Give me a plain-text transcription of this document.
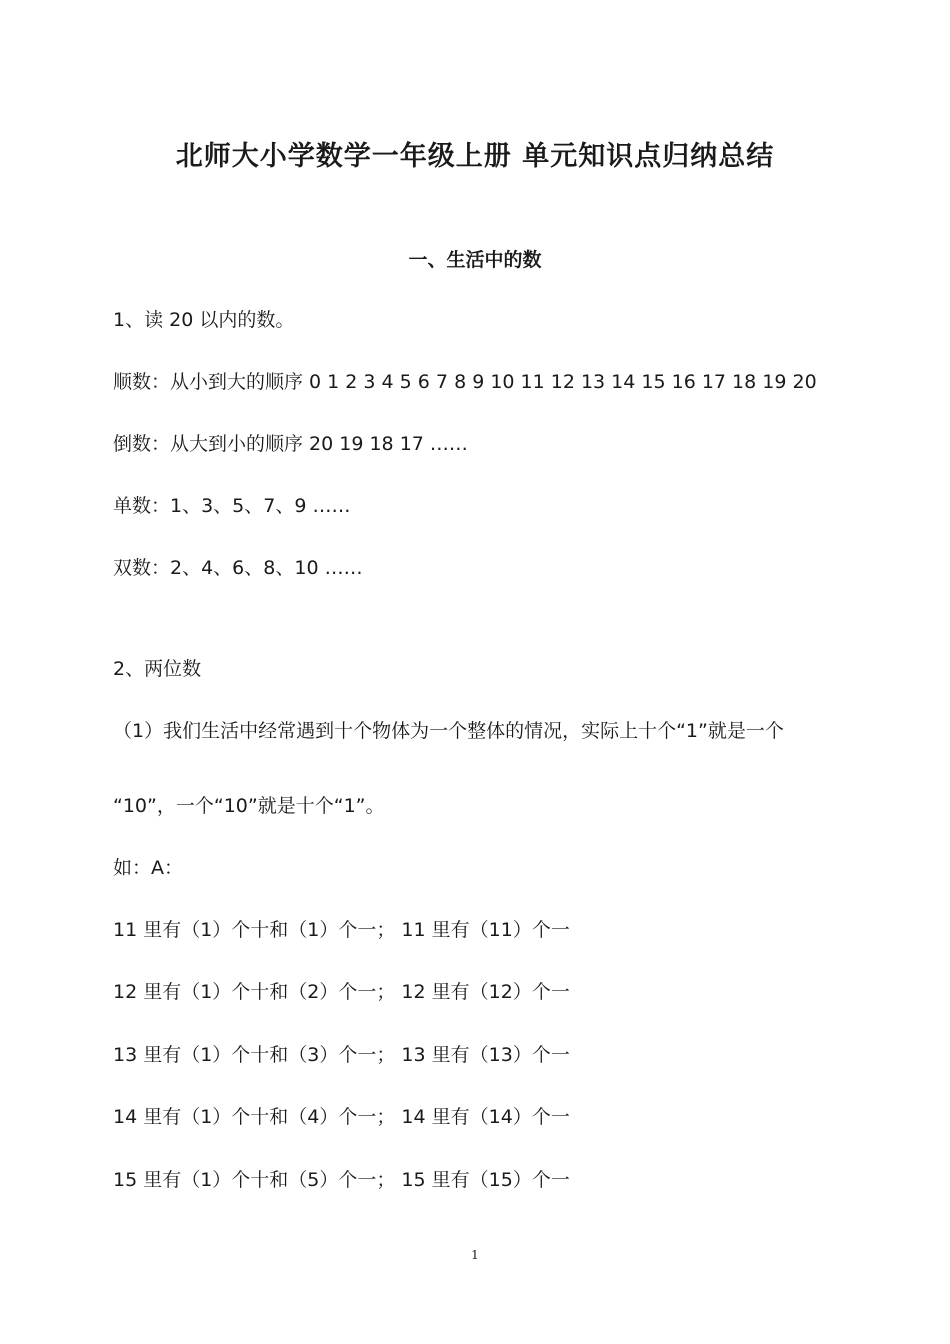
北师大小学数学一年级上册 单元知识点归纳总结
一、生活中的数
1、读 20 以内的数。
顺数：从小到大的顺序 0 1 2 3 4 5 6 7 8 9 10 11 12 13 14 15 16 17 18 19 20
倒数：从大到小的顺序 20 19 18 17 ……
单数：1、3、5、7、9 ……
双数：2、4、6、8、10 ……
2、两位数
（1）我们生活中经常遇到十个物体为一个整体的情况，实际上十个“1”就是一个
“10”，一个“10”就是十个“1”。
如：A：
11 里有（1）个十和（1）个一； 11 里有（11）个一
12 里有（1）个十和（2）个一； 12 里有（12）个一
13 里有（1）个十和（3）个一； 13 里有（13）个一
14 里有（1）个十和（4）个一； 14 里有（14）个一
15 里有（1）个十和（5）个一； 15 里有（15）个一
1
